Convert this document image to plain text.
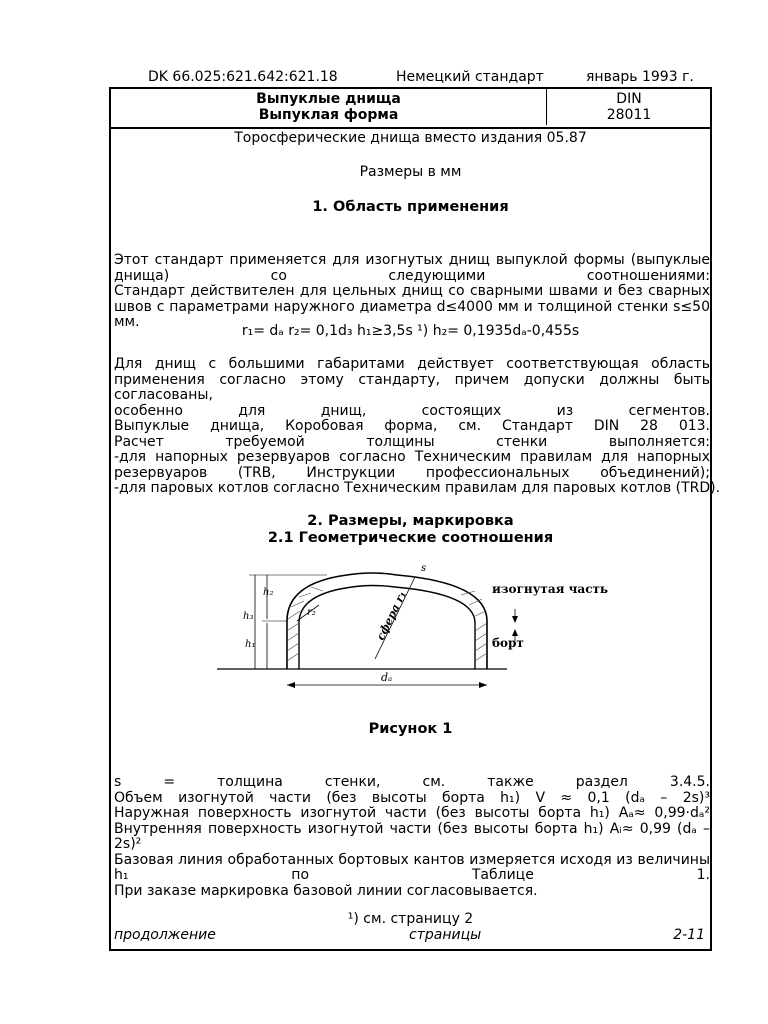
DK 66.025:621.642:621.18	Немецкий стандарт	январь 1993 г.
Выпуклые днища
Выпуклая форма
DIN
28011
Торосферические днища вместо издания 05.87
Размеры в мм
1. Область применения
Этот стандарт применяется для изогнутых днищ выпуклой формы (выпуклые
днища) со следующими соотношениями:
Стандарт действителен для цельных днищ со сварными швами и без сварных
швов с параметрами наружного диаметра d≤4000 мм и толщиной стенки s≤50 мм.
r₁= dₐ r₂= 0,1d₃ h₁≥3,5s ¹) h₂= 0,1935dₐ-0,455s
Для днищ с большими габаритами действует соответствующая область
применения согласно этому стандарту, причем допуски должны быть согласованы,
особенно для днищ, состоящих из сегментов.
Выпуклые днища, Коробовая форма, см. Стандарт DIN 28 013.
Расчет требуемой толщины стенки выполняется:
-для напорных резервуаров согласно Техническим правилам для напорных
резервуаров (TRB, Инструкции профессиональных объединений);
-для паровых котлов согласно Техническим правилам для паровых котлов (TRD).
2. Размеры, маркировка
2.1 Геометрические соотношения
изогнутая часть
борт
s
сфера r₁
h₁
h₂
h₃	r₂
dₐ
Рисунок 1
s = толщина стенки, см. также раздел 3.4.5.
Объем изогнутой части (без высоты борта h₁) V ≈ 0,1 (dₐ – 2s)³
Наружная поверхность изогнутой части (без высоты борта h₁) Aₐ≈ 0,99·dₐ²
Внутренняя поверхность изогнутой части (без высоты борта h₁) Aᵢ≈ 0,99 (dₐ – 2s)²
Базовая линия обработанных бортовых кантов измеряется исходя из величины
h₁ по Таблице 1.
При заказе маркировка базовой линии согласовывается.
¹) см. страницу 2
продолжение	страницы	2-11
